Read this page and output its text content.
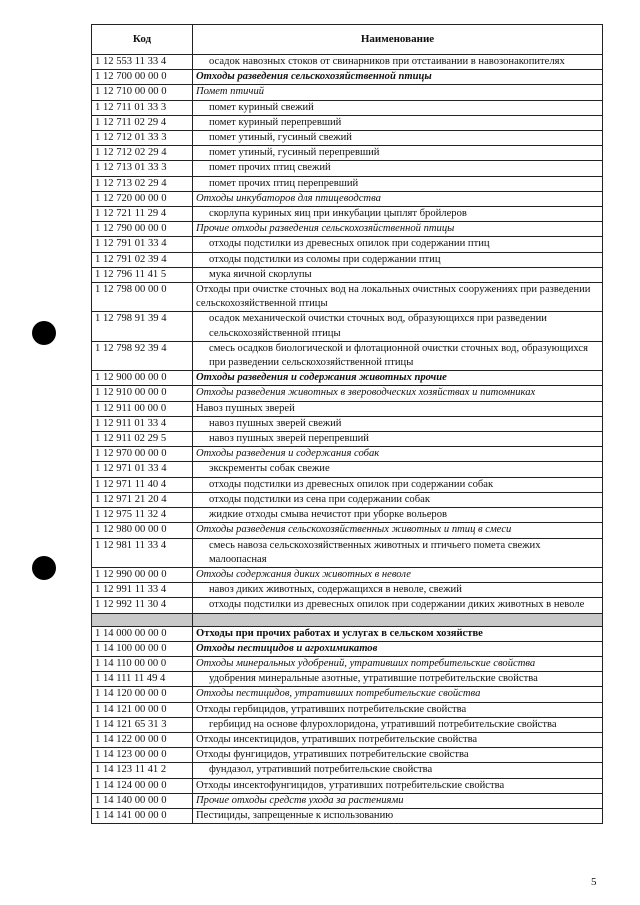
Код	Наименование
1 12 553 11 33 4	осадок навозных стоков от свинарников при отстаивании в навозонакопителях
1 12 700 00 00 0	Отходы разведения сельскохозяйственной птицы
1 12 710 00 00 0	Помет птичий
1 12 711 01 33 3	помет куриный свежий
1 12 711 02 29 4	помет куриный перепревший
1 12 712 01 33 3	помет утиный, гусиный свежий
1 12 712 02 29 4	помет утиный, гусиный перепревший
1 12 713 01 33 3	помет прочих птиц свежий
1 12 713 02 29 4	помет прочих птиц перепревший
1 12 720 00 00 0	Отходы инкубаторов для птицеводства
1 12 721 11 29 4	скорлупа куриных яиц при инкубации цыплят бройлеров
1 12 790 00 00 0	Прочие отходы разведения сельскохозяйственной птицы
1 12 791 01 33 4	отходы подстилки из древесных опилок при содержании птиц
1 12 791 02 39 4	отходы подстилки из соломы при содержании птиц
1 12 796 11 41 5	мука яичной скорлупы
1 12 798 00 00 0	Отходы при очистке сточных вод на локальных очистных сооружениях при разведении сельскохозяйственной птицы
1 12 798 91 39 4	осадок механической очистки сточных вод, образующихся при разведении сельскохозяйственной птицы
1 12 798 92 39 4	смесь осадков биологической и флотационной очистки сточных вод, образующихся при разведении сельскохозяйственной птицы
1 12 900 00 00 0	Отходы разведения и содержания животных прочие
1 12 910 00 00 0	Отходы разведения животных в звероводческих хозяйствах и питомниках
1 12 911 00 00 0	Навоз пушных зверей
1 12 911 01 33 4	навоз пушных зверей свежий
1 12 911 02 29 5	навоз пушных зверей перепревший
1 12 970 00 00 0	Отходы разведения и содержания собак
1 12 971 01 33 4	экскременты собак свежие
1 12 971 11 40 4	отходы подстилки из древесных опилок при содержании собак
1 12 971 21 20 4	отходы подстилки из сена при содержании собак
1 12 975 11 32 4	жидкие отходы смыва нечистот при уборке вольеров
1 12 980 00 00 0	Отходы разведения сельскохозяйственных животных и птиц в смеси
1 12 981 11 33 4	смесь навоза сельскохозяйственных животных и птичьего помета свежих малоопасная
1 12 990 00 00 0	Отходы содержания диких животных в неволе
1 12 991 11 33 4	навоз диких животных, содержащихся в неволе, свежий
1 12 992 11 30 4	отходы подстилки из древесных опилок при содержании диких животных в неволе

1 14 000 00 00 0	Отходы при прочих работах и услугах в сельском хозяйстве
1 14 100 00 00 0	Отходы пестицидов и агрохимикатов
1 14 110 00 00 0	Отходы минеральных удобрений, утративших потребительские свойства
1 14 111 11 49 4	удобрения минеральные азотные, утратившие потребительские свойства
1 14 120 00 00 0	Отходы пестицидов, утративших потребительские свойства
1 14 121 00 00 0	Отходы гербицидов, утративших потребительские свойства
1 14 121 65 31 3	гербицид на основе флурохлоридона, утративший потребительские свойства
1 14 122 00 00 0	Отходы инсектицидов, утративших потребительские свойства
1 14 123 00 00 0	Отходы фунгицидов, утративших потребительские свойства
1 14 123 11 41 2	фундазол, утративший потребительские свойства
1 14 124 00 00 0	Отходы инсектофунгицидов, утративших потребительские свойства
1 14 140 00 00 0	Прочие отходы средств ухода за растениями
1 14 141 00 00 0	Пестициды, запрещенные к использованию
5
